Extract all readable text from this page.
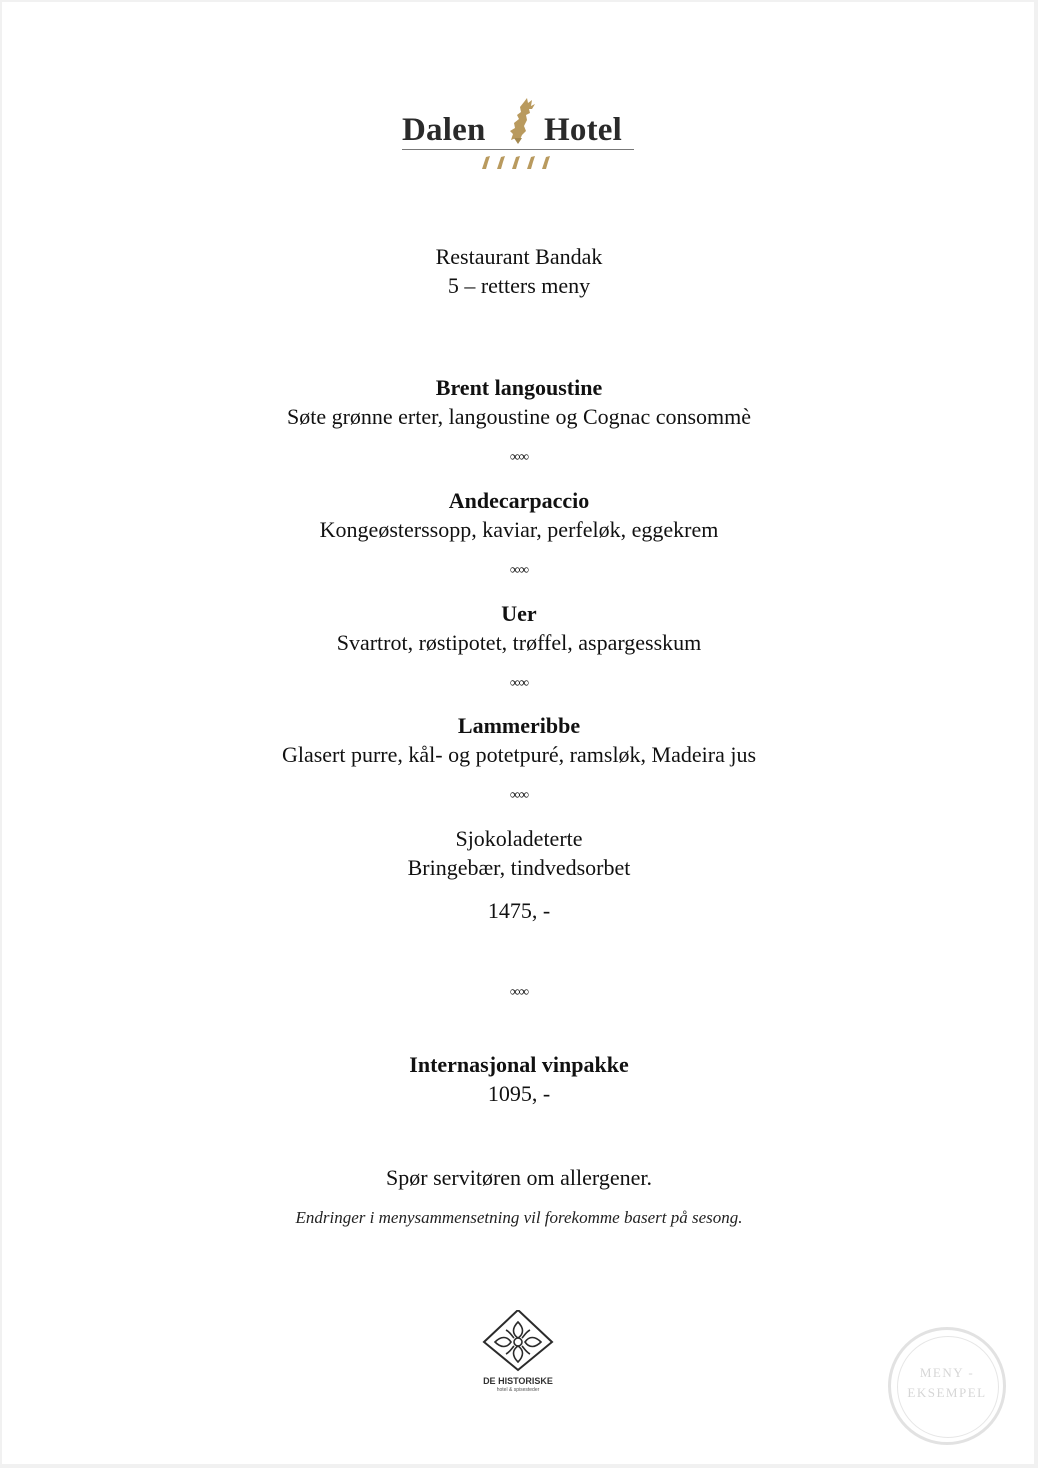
Dalen Hotel
Restaurant Bandak
5 – retters meny
Brent langoustine
Søte grønne erter, langoustine og Cognac consommè
∞∞
Andecarpaccio
Kongeøsterssopp, kaviar, perfeløk, eggekrem
∞∞
Uer
Svartrot, røstipotet, trøffel, aspargesskum
∞∞
Lammeribbe
Glasert purre, kål- og potetpuré, ramsløk, Madeira jus
∞∞
Sjokoladeterte
Bringebær, tindvedsorbet
1475, -
∞∞
Internasjonal vinpakke
1095, -
Spør servitøren om allergener.
Endringer i menysammensetning vil forekomme basert på sesong.
DE HISTORISKE
hotel & spisesteder
MENY -
EKSEMPEL
